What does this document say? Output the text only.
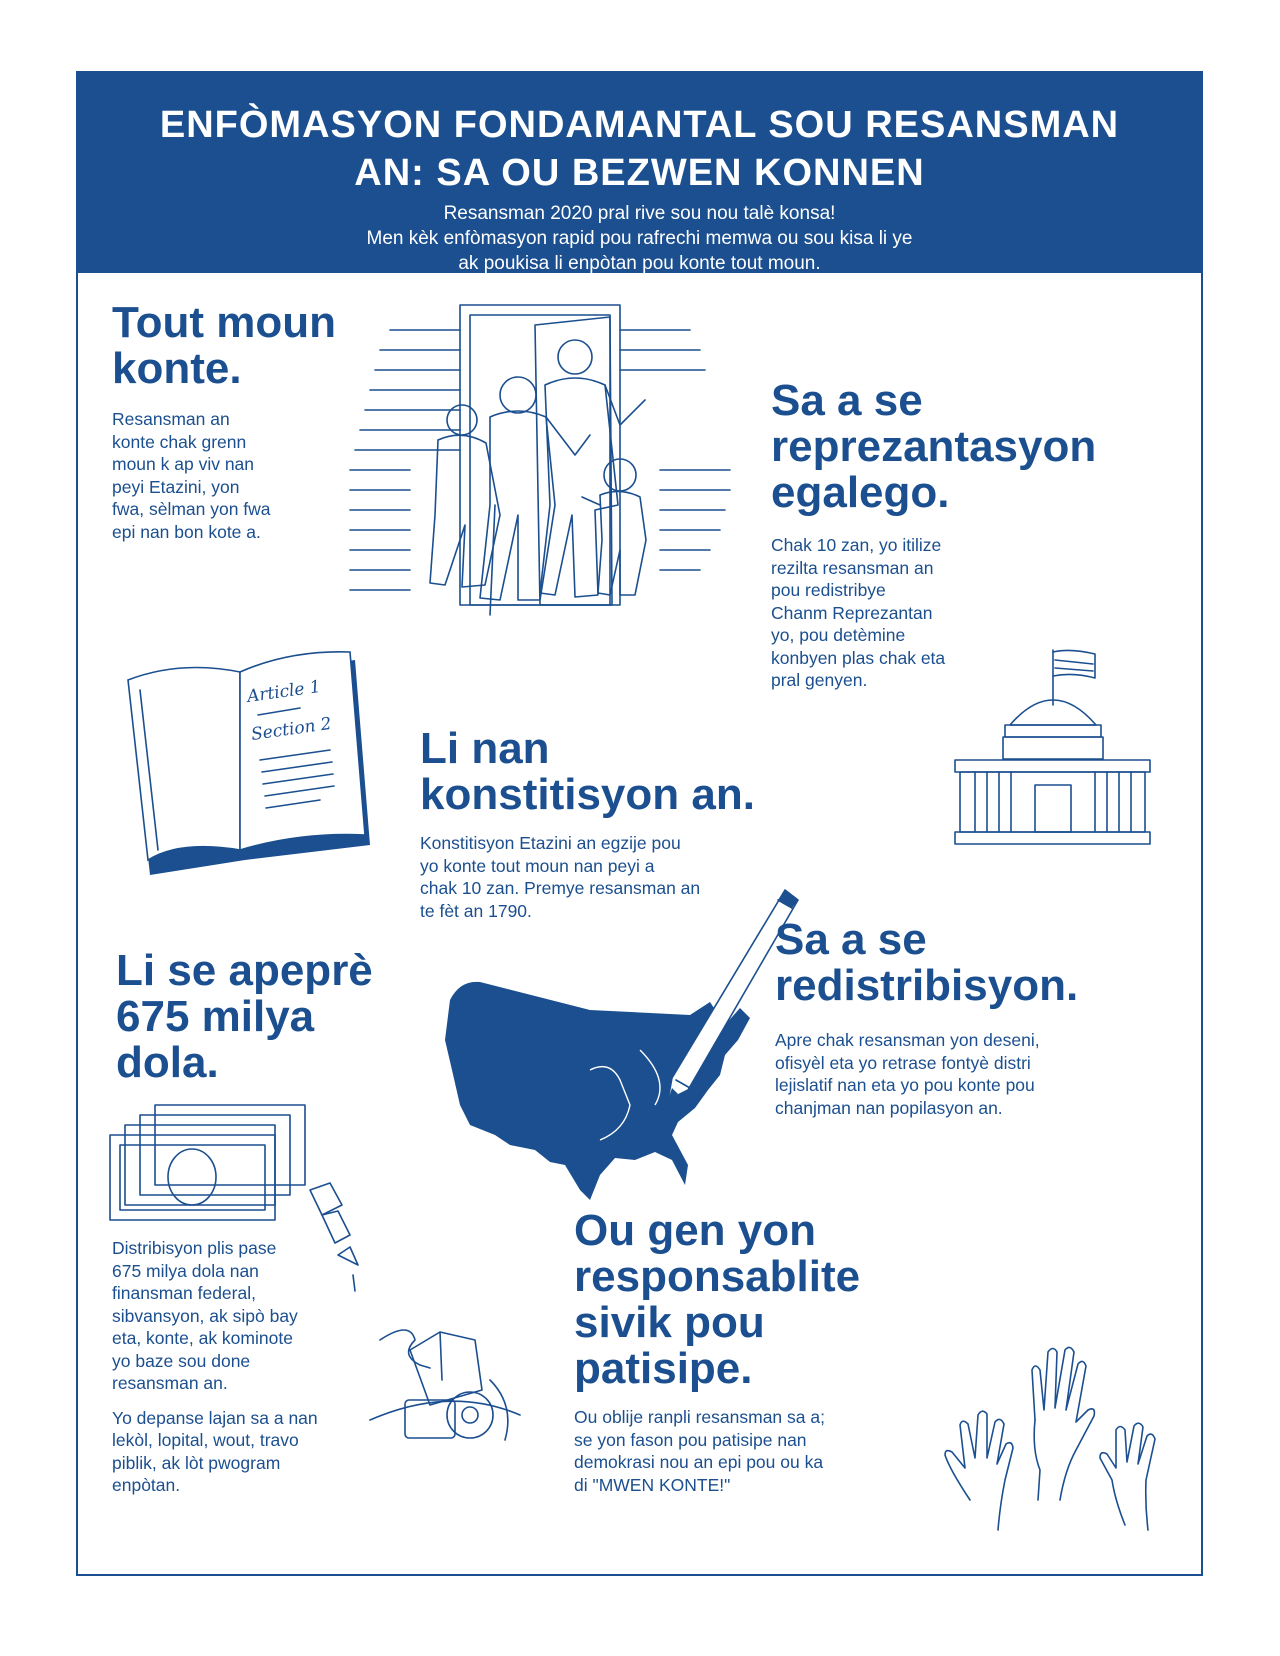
ENFÒMASYON FONDAMANTAL SOU RESANSMAN
AN: SA OU BEZWEN KONNEN
Resansman 2020 pral rive sou nou talè konsa!
Men kèk enfòmasyon rapid pou rafrechi memwa ou sou kisa li ye
ak poukisa li enpòtan pou konte tout moun.
Tout moun
konte.
Resansman an
konte chak grenn
moun k ap viv nan
peyi Etazini, yon
fwa, sèlman yon fwa
epi nan bon kote a.
Sa a se
reprezantasyon
egalego.
Chak 10 zan, yo itilize
rezilta resansman an
pou redistribye
Chanm Reprezantan
yo, pou detèmine
konbyen plas chak eta
pral genyen.
Article 1
Section 2 Li nan
konstitisyon an.
Konstitisyon Etazini an egzije pou
yo konte tout moun nan peyi a
chak 10 zan. Premye resansman an
te fèt an 1790.
Li se apeprè
675 milya
dola.
Distribisyon plis pase
675 milya dola nan
finansman federal,
sibvansyon, ak sipò bay
eta, konte, ak kominote
yo baze sou done
resansman an.
Yo depanse lajan sa a nan
lekòl, lopital, wout, travo
piblik, ak lòt pwogram
enpòtan.
Sa a se
redistribisyon.
Apre chak resansman yon deseni,
ofisyèl eta yo retrase fontyè distri
lejislatif nan eta yo pou konte pou
chanjman nan popilasyon an.
Ou gen yon
responsablite
sivik pou
patisipe.
Ou oblije ranpli resansman sa a;
se yon fason pou patisipe nan
demokrasi nou an epi pou ou ka
di "MWEN KONTE!"
